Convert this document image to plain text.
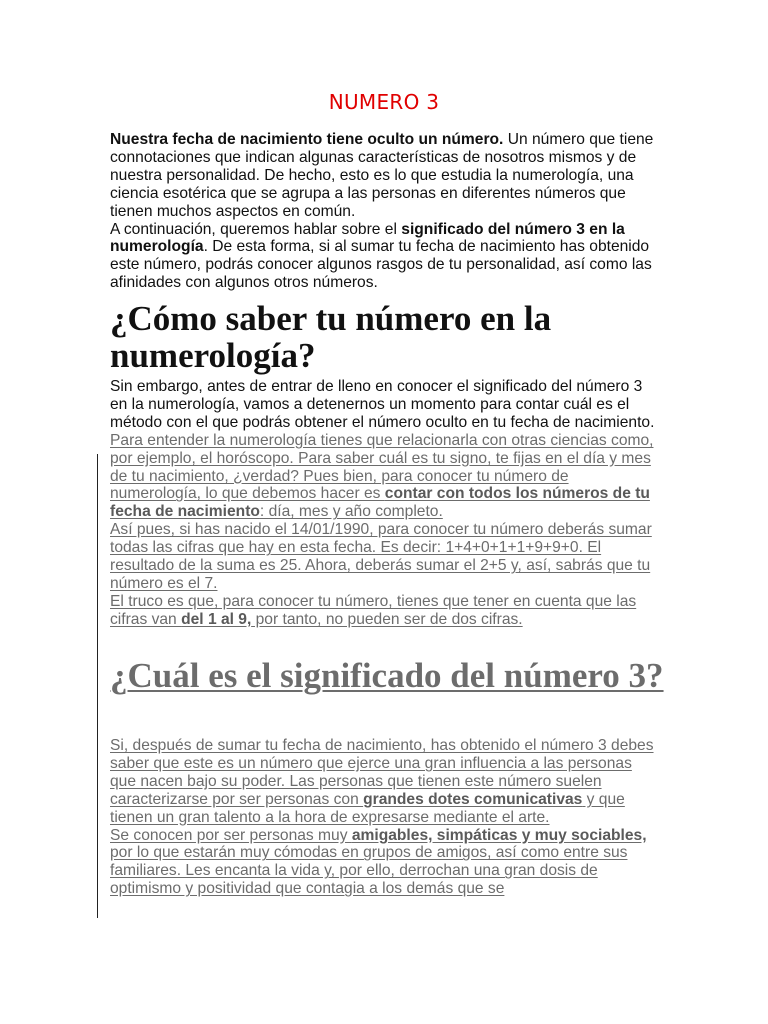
NUMERO 3

Nuestra fecha de nacimiento tiene oculto un número. Un número que tiene connotaciones que indican algunas características de nosotros mismos y de nuestra personalidad. De hecho, esto es lo que estudia la numerología, una ciencia esotérica que se agrupa a las personas en diferentes números que tienen muchos aspectos en común.

A continuación, queremos hablar sobre el significado del número 3 en la numerología. De esta forma, si al sumar tu fecha de nacimiento has obtenido este número, podrás conocer algunos rasgos de tu personalidad, así como las afinidades con algunos otros números.

¿Cómo saber tu número en la numerología?

Sin embargo, antes de entrar de lleno en conocer el significado del número 3 en la numerología, vamos a detenernos un momento para contar cuál es el método con el que podrás obtener el número oculto en tu fecha de nacimiento.

Para entender la numerología tienes que relacionarla con otras ciencias como, por ejemplo, el horóscopo. Para saber cuál es tu signo, te fijas en el día y mes de tu nacimiento, ¿verdad? Pues bien, para conocer tu número de numerología, lo que debemos hacer es contar con todos los números de tu fecha de nacimiento: día, mes y año completo.

Así pues, si has nacido el 14/01/1990, para conocer tu número deberás sumar todas las cifras que hay en esta fecha. Es decir: 1+4+0+1+1+9+9+0. El resultado de la suma es 25. Ahora, deberás sumar el 2+5 y, así, sabrás que tu número es el 7.

El truco es que, para conocer tu número, tienes que tener en cuenta que las cifras van del 1 al 9, por tanto, no pueden ser de dos cifras.

¿Cuál es el significado del número 3?

Si, después de sumar tu fecha de nacimiento, has obtenido el número 3 debes saber que este es un número que ejerce una gran influencia a las personas que nacen bajo su poder. Las personas que tienen este número suelen caracterizarse por ser personas con grandes dotes comunicativas y que tienen un gran talento a la hora de expresarse mediante el arte.

Se conocen por ser personas muy amigables, simpáticas y muy sociables, por lo que estarán muy cómodas en grupos de amigos, así como entre sus familiares. Les encanta la vida y, por ello, derrochan una gran dosis de optimismo y positividad que contagia a los demás que se
